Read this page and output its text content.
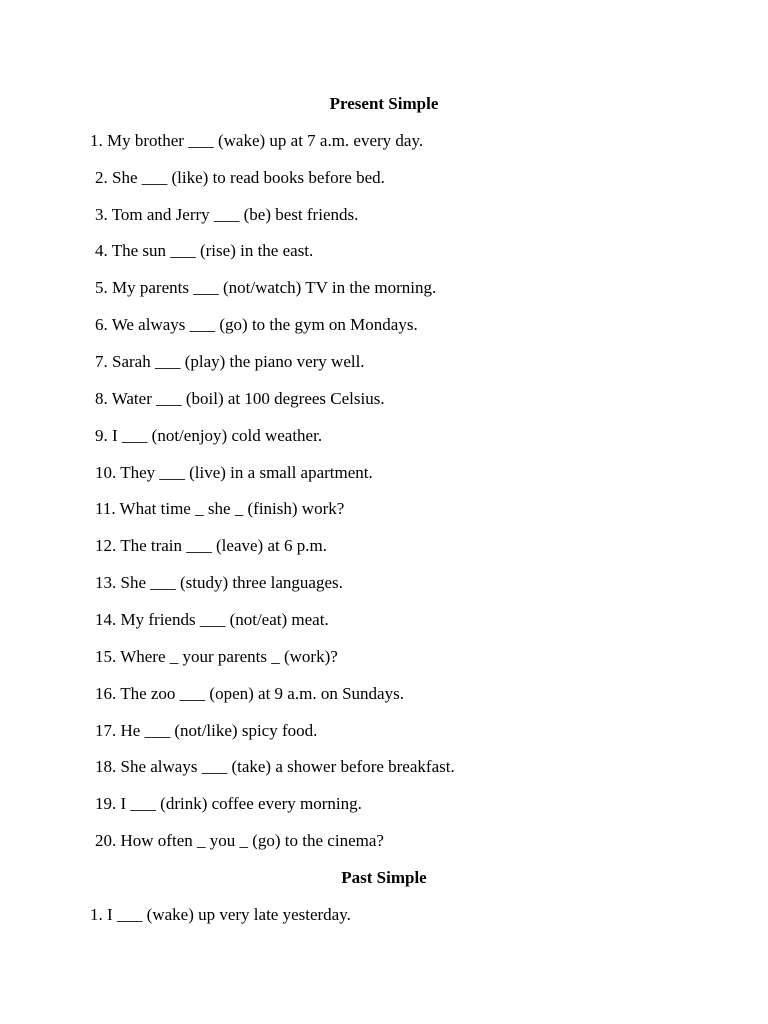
Present Simple
1. My brother ___ (wake) up at 7 a.m. every day.
2. She ___ (like) to read books before bed.
3. Tom and Jerry ___ (be) best friends.
4. The sun ___ (rise) in the east.
5. My parents ___ (not/watch) TV in the morning.
6. We always ___ (go) to the gym on Mondays.
7. Sarah ___ (play) the piano very well.
8. Water ___ (boil) at 100 degrees Celsius.
9. I ___ (not/enjoy) cold weather.
10. They ___ (live) in a small apartment.
11. What time _ she _ (finish) work?
12. The train ___ (leave) at 6 p.m.
13. She ___ (study) three languages.
14. My friends ___ (not/eat) meat.
15. Where _ your parents _ (work)?
16. The zoo ___ (open) at 9 a.m. on Sundays.
17. He ___ (not/like) spicy food.
18. She always ___ (take) a shower before breakfast.
19. I ___ (drink) coffee every morning.
20. How often _ you _ (go) to the cinema?
Past Simple
1. I ___ (wake) up very late yesterday.
